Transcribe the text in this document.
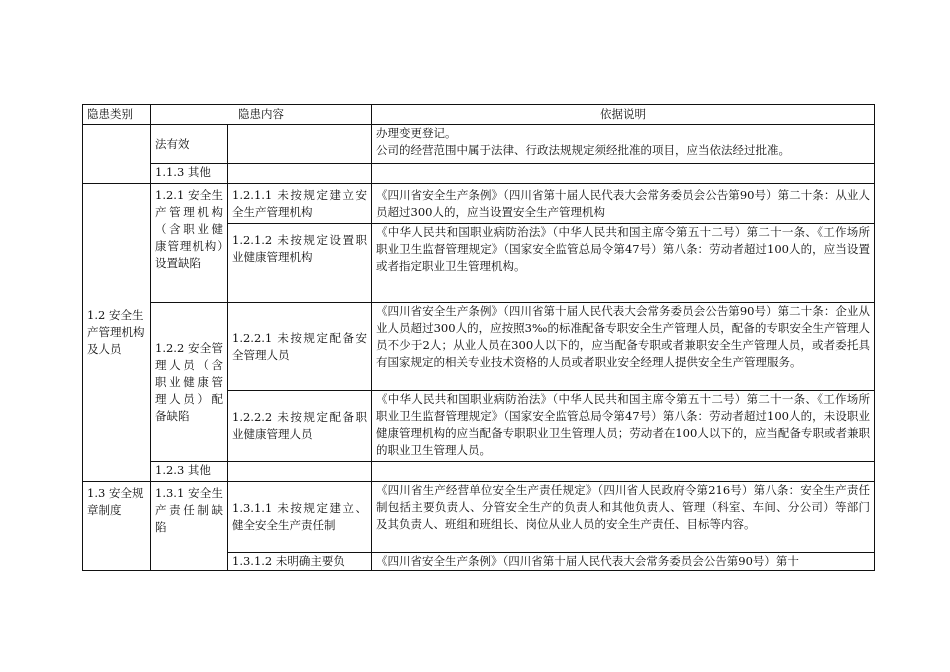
隐患类别	隐患内容		依据说明
	法有效		办理变更登记。
公司的经营范围中属于法律、行政法规规定须经批准的项目，应当依法经过批准。
	1.1.3 其他		
1.2 安全生产管理机构及人员	1.2.1 安全生产管理机构（含职业健康管理机构）设置缺陷	1.2.1.1 未按规定建立安全生产管理机构	《四川省安全生产条例》（四川省第十届人民代表大会常务委员会公告第90号）第二十条：从业人员超过300人的，应当设置安全生产管理机构
		1.2.1.2 未按规定设置职业健康管理机构	《中华人民共和国职业病防治法》（中华人民共和国主席令第五十二号）第二十一条、《工作场所职业卫生监督管理规定》（国家安全监管总局令第47号）第八条：劳动者超过100人的，应当设置或者指定职业卫生管理机构。
	1.2.2 安全管理人员（含职业健康管理人员）配备缺陷	1.2.2.1 未按规定配备安全管理人员	《四川省安全生产条例》（四川省第十届人民代表大会常务委员会公告第90号）第二十条：企业从业人员超过300人的，应按照3‰的标准配备专职安全生产管理人员，配备的专职安全生产管理人员不少于2人；从业人员在300人以下的，应当配备专职或者兼职安全生产管理人员，或者委托具有国家规定的相关专业技术资格的人员或者职业安全经理人提供安全生产管理服务。
		1.2.2.2 未按规定配备职业健康管理人员	《中华人民共和国职业病防治法》（中华人民共和国主席令第五十二号）第二十一条、《工作场所职业卫生监督管理规定》（国家安全监管总局令第47号）第八条：劳动者超过100人的，未设职业健康管理机构的应当配备专职职业卫生管理人员；劳动者在100人以下的，应当配备专职或者兼职的职业卫生管理人员。
	1.2.3 其他		
1.3 安全规章制度	1.3.1 安全生产责任制缺陷	1.3.1.1 未按规定建立、健全安全生产责任制	《四川省生产经营单位安全生产责任规定》（四川省人民政府令第216号）第八条：安全生产责任制包括主要负责人、分管安全生产的负责人和其他负责人、管理（科室、车间、分公司）等部门及其负责人、班组和班组长、岗位从业人员的安全生产责任、目标等内容。
		1.3.1.2 未明确主要负	《四川省安全生产条例》（四川省第十届人民代表大会常务委员会公告第90号）第十
